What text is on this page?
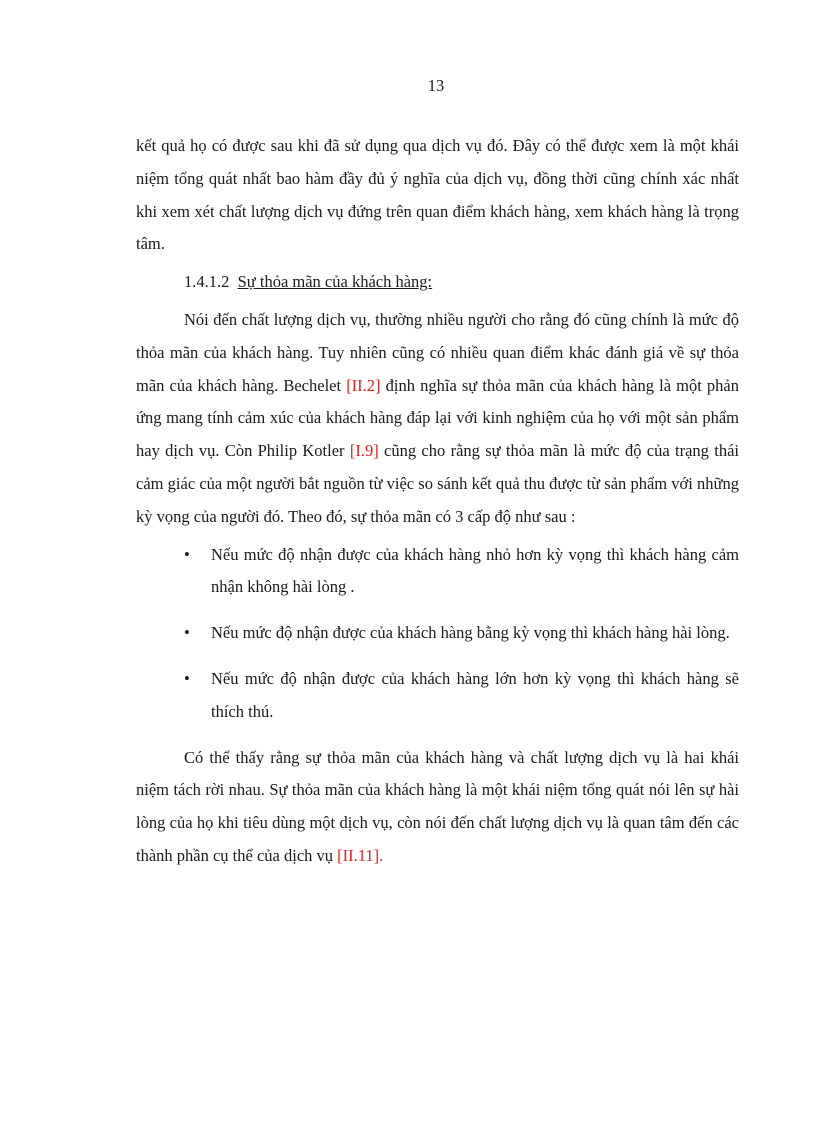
13

kết quả họ có được sau khi đã sử dụng qua dịch vụ đó. Đây có thể được xem là một khái niệm tổng quát nhất bao hàm đầy đủ ý nghĩa của dịch vụ, đồng thời cũng chính xác nhất khi xem xét chất lượng dịch vụ đứng trên quan điểm khách hàng, xem khách hàng là trọng tâm.

1.4.1.2 Sự thỏa mãn của khách hàng:

Nói đến chất lượng dịch vụ, thường nhiều người cho rằng đó cũng chính là mức độ thỏa mãn của khách hàng. Tuy nhiên cũng có nhiều quan điểm khác đánh giá về sự thỏa mãn của khách hàng. Bechelet [II.2] định nghĩa sự thỏa mãn của khách hàng là một phản ứng mang tính cảm xúc của khách hàng đáp lại với kinh nghiệm của họ với một sản phẩm hay dịch vụ. Còn Philip Kotler [I.9] cũng cho rằng sự thỏa mãn là mức độ của trạng thái cảm giác của một người bắt nguồn từ việc so sánh kết quả thu được từ sản phẩm với những kỳ vọng của người đó. Theo đó, sự thỏa mãn có 3 cấp độ như sau :

• Nếu mức độ nhận được của khách hàng nhỏ hơn kỳ vọng thì khách hàng cảm nhận không hài lòng .
• Nếu mức độ nhận được của khách hàng bằng kỳ vọng thì khách hàng hài lòng.
• Nếu mức độ nhận được của khách hàng lớn hơn kỳ vọng thì khách hàng sẽ thích thú.

Có thể thấy rằng sự thỏa mãn của khách hàng và chất lượng dịch vụ là hai khái niệm tách rời nhau. Sự thỏa mãn của khách hàng là một khái niệm tổng quát nói lên sự hài lòng của họ khi tiêu dùng một dịch vụ, còn nói đến chất lượng dịch vụ là quan tâm đến các thành phần cụ thể của dịch vụ [II.11].
